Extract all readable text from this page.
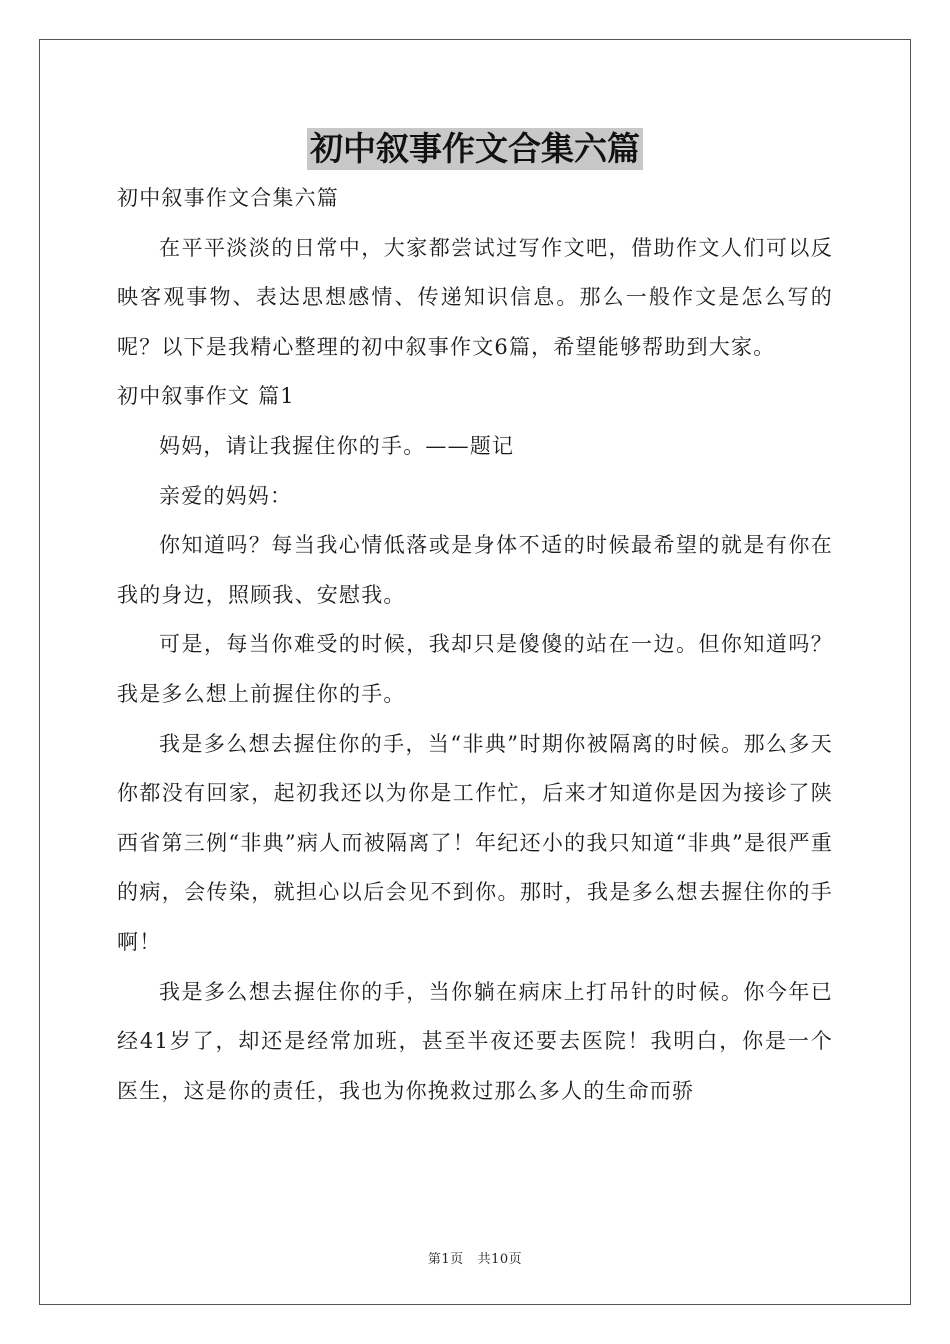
初中叙事作文合集六篇

初中叙事作文合集六篇

在平平淡淡的日常中，大家都尝试过写作文吧，借助作文人们可以反映客观事物、表达思想感情、传递知识信息。那么一般作文是怎么写的呢？以下是我精心整理的初中叙事作文6篇，希望能够帮助到大家。

初中叙事作文 篇1

妈妈，请让我握住你的手。——题记

亲爱的妈妈：

你知道吗？每当我心情低落或是身体不适的时候最希望的就是有你在我的身边，照顾我、安慰我。

可是，每当你难受的时候，我却只是傻傻的站在一边。但你知道吗？我是多么想上前握住你的手。

我是多么想去握住你的手，当“非典”时期你被隔离的时候。那么多天你都没有回家，起初我还以为你是工作忙，后来才知道你是因为接诊了陕西省第三例“非典”病人而被隔离了！年纪还小的我只知道“非典”是很严重的病，会传染，就担心以后会见不到你。那时，我是多么想去握住你的手啊！

我是多么想去握住你的手，当你躺在病床上打吊针的时候。你今年已经41岁了，却还是经常加班，甚至半夜还要去医院！我明白，你是一个医生，这是你的责任，我也为你挽救过那么多人的生命而骄

第1页 共10页
